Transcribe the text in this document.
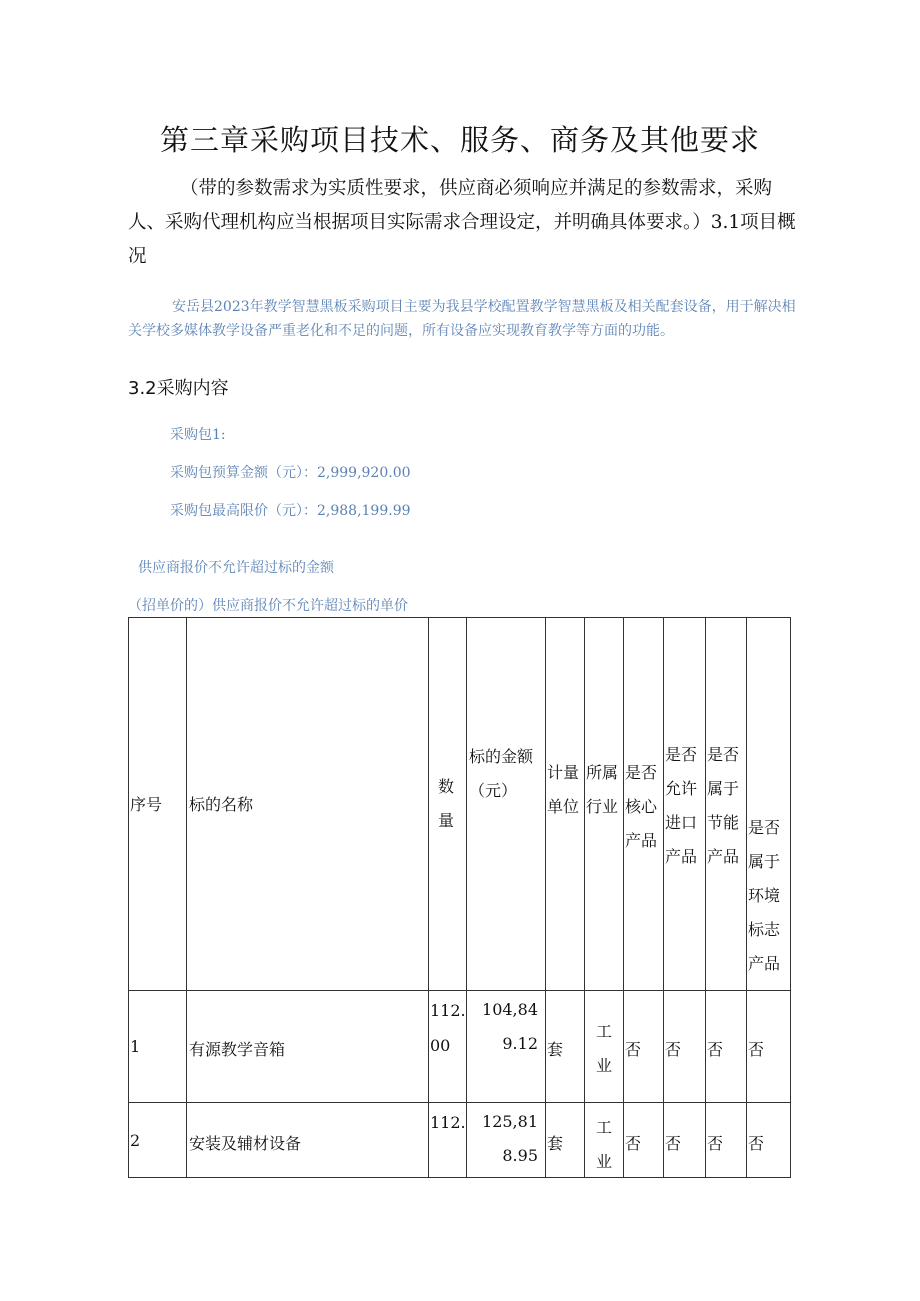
第三章采购项目技术、服务、商务及其他要求
（带的参数需求为实质性要求，供应商必须响应并满足的参数需求，采购人、采购代理机构应当根据项目实际需求合理设定，并明确具体要求。）3.1项目概况
安岳县2023年教学智慧黑板采购项目主要为我县学校配置教学智慧黑板及相关配套设备，用于解决相关学校多媒体教学设备严重老化和不足的问题，所有设备应实现教育教学等方面的功能。
3.2采购内容
采购包1:
采购包预算金额（元）：2,999,920.00
采购包最高限价（元）：2,988,199.99
供应商报价不允许超过标的金额
（招单价的）供应商报价不允许超过标的单价
序号	标的名称	数量	标的金额（元）	计量单位	所属行业	是否核心产品	是否允许进口产品	是否属于节能产品	是否属于环境标志产品

1	有源教学音箱	112.00	104,849.12	套	工业	否	否	否	否

2	安装及辅材设备	112.	125,818.95	套	工业	否	否	否	否
